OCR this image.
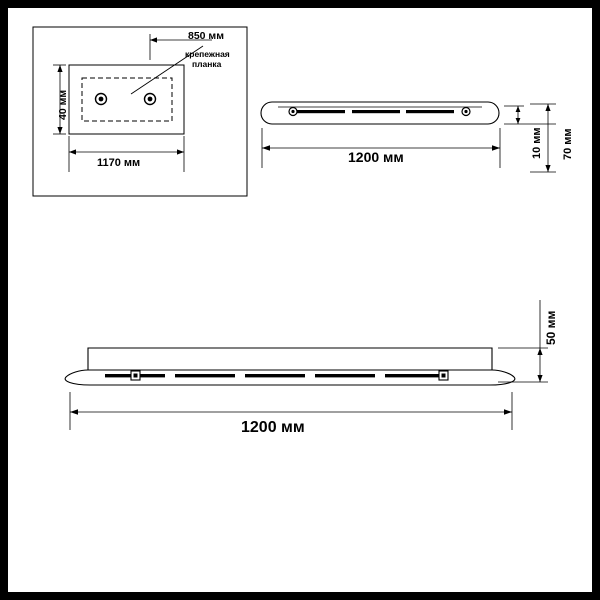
850 мм
крепежная
планка
40 мм
1170 мм	1200 мм	10 мм 70 мм
50 мм
1200 мм
